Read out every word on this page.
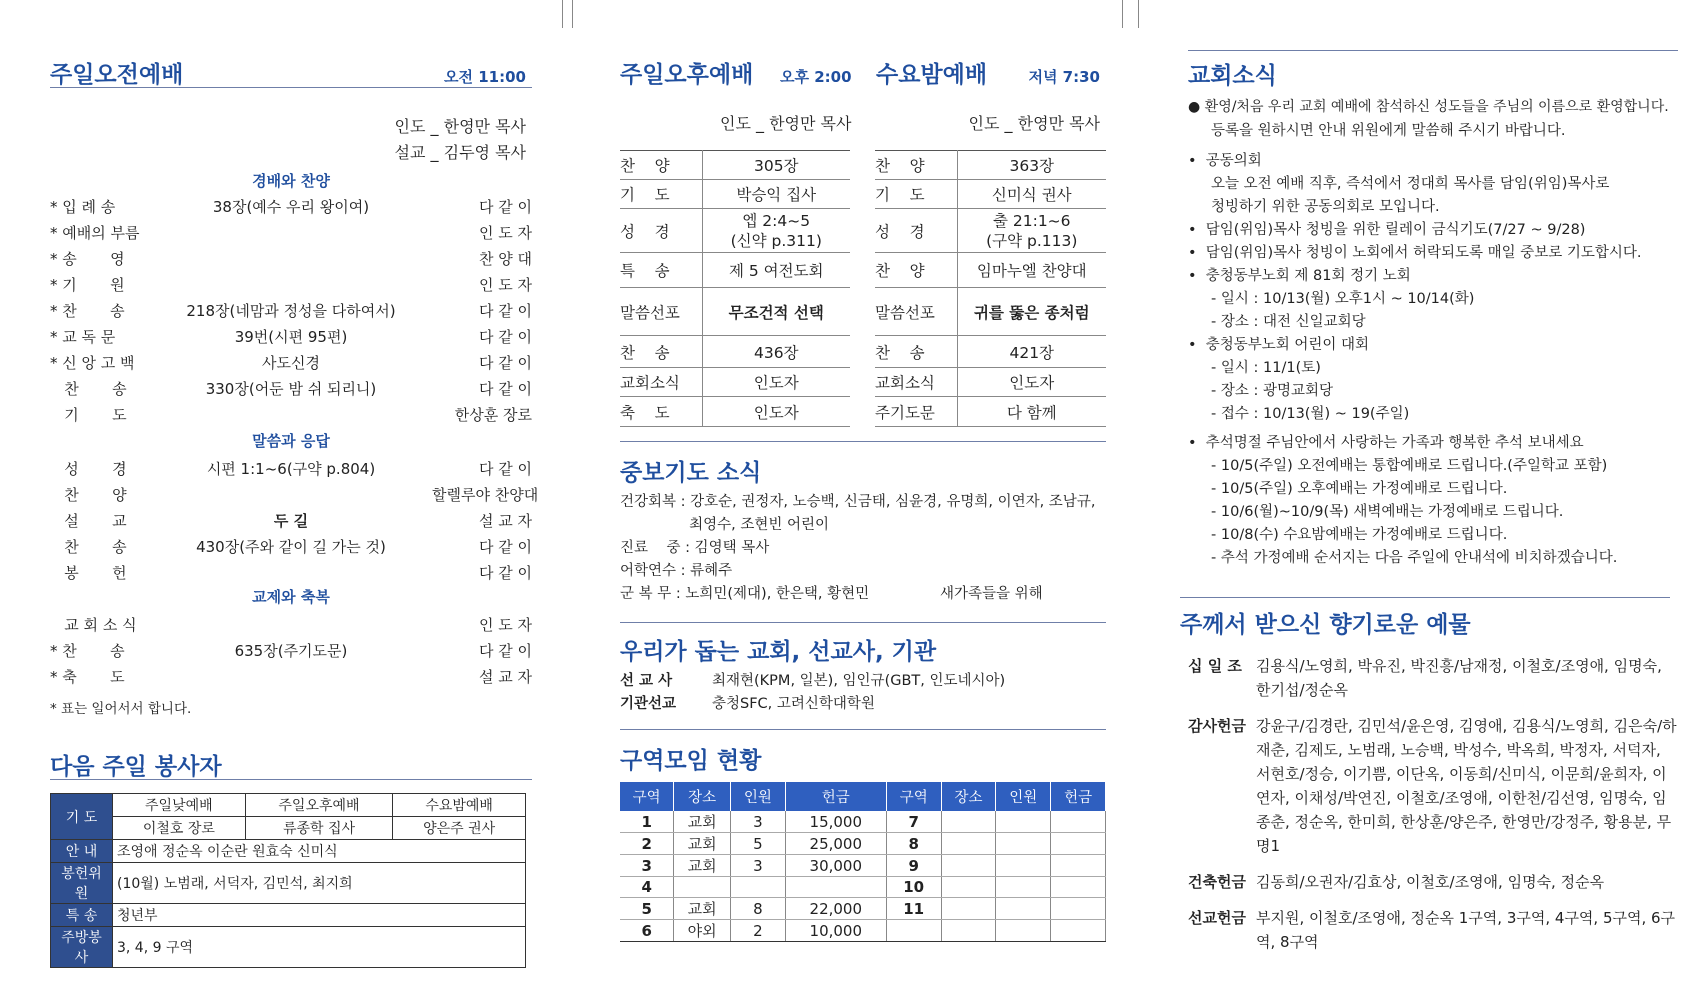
주일오전예배	오전 11:00
인도 _ 한영만 목사
설교 _ 김두영 목사
경배와 찬양
* 입 례 송	38장(예수 우리 왕이여)	다 같 이
* 예배의 부름	인 도 자
* 송       영	찬 양 대
* 기       원	인 도 자
* 찬       송	218장(네맘과 정성을 다하여서)	다 같 이
* 교 독 문	39번(시편 95편)	다 같 이
* 신 앙 고 백	사도신경	다 같 이
찬       송	330장(어둔 밤 쉬 되리니)	다 같 이
기       도	한상훈 장로
성       경	시편 1:1~6(구약 p.804)	다 같 이
찬       양	할렐루야 찬양대
설       교	두 길	설 교 자
찬       송	430장(주와 같이 길 가는 것)	다 같 이
봉       헌	다 같 이
교 회 소 식	인 도 자
* 찬       송	635장(주기도문)	다 같 이
* 축       도	설 교 자
말씀과 응답
교제와 축복
* 표는 일어서서 합니다.
다음 주일 봉사자
기 도	주일낮예배	주일오후예배	수요밤예배
	이철호 장로	류종학 집사	양은주 권사
안 내	조영애 정순옥 이순란 원효숙 신미식		
봉헌위원	(10월) 노범래, 서덕자, 김민석, 최지희		
특 송	청년부		
주방봉사	3, 4, 9 구역		
주일오후예배 오후 2:00 수요밤예배	저녁 7:30
인도 _ 한영만 목사	인도 _ 한영만 목사
찬    양	305장
기    도	박승익 집사
성    경	엡 2:4~5
(신약 p.311)
특    송	제 5 여전도회
말씀선포	무조건적 선택
찬    송	436장
교회소식	인도자
축    도	인도자
찬    양	363장
기    도	신미식 권사
성    경	출 21:1~6
(구약 p.113)
찬    양	임마누엘 찬양대
말씀선포	귀를 뚫은 종처럼
찬    송	421장
교회소식	인도자
주기도문	다 함께
중보기도 소식
건강회복 : 강호순, 권정자, 노승백, 신금태, 심윤경, 유명희, 이연자, 조남규,
최영수, 조현빈 어린이
진료    중 : 김영택 목사
어학연수 : 류혜주
군 복 무 : 노희민(제대), 한은택, 황현민	새가족들을 위해
우리가 돕는 교회, 선교사, 기관
선 교 사	최재현(KPM, 일본), 임인규(GBT, 인도네시아)
기관선교 충청SFC, 고려신학대학원
구역모임 현황
구역	장소	인원	헌금	구역	장소	인원	헌금
1	교회	3	15,000	7			
2	교회	5	25,000	8			
3	교회	3	30,000	9			
4				10			
5	교회	8	22,000	11			
6	야외	2	10,000				
교회소식
● 환영/처음 우리 교회 예배에 참석하신 성도들을 주님의 이름으로 환영합니다.
등록을 원하시면 안내 위원에게 말씀해 주시기 바랍니다.
•  공동의회
오늘 오전 예배 직후, 즉석에서 정대희 목사를 담임(위임)목사로
청빙하기 위한 공동의회로 모입니다.
•  담임(위임)목사 청빙을 위한 릴레이 금식기도(7/27 ~ 9/28)
•  담임(위임)목사 청빙이 노회에서 허락되도록 매일 중보로 기도합시다.
•  충청동부노회 제 81회 정기 노회
- 일시 : 10/13(월) 오후1시 ~ 10/14(화)
- 장소 : 대전 신일교회당
•  충청동부노회 어린이 대회
- 일시 : 11/1(토)
- 장소 : 광명교회당
- 접수 : 10/13(월) ~ 19(주일)
•  추석명절 주님안에서 사랑하는 가족과 행복한 추석 보내세요
- 10/5(주일) 오전예배는 통합예배로 드립니다.(주일학교 포함)
- 10/5(주일) 오후예배는 가정예배로 드립니다.
- 10/6(월)~10/9(목) 새벽예배는 가정예배로 드립니다.
- 10/8(수) 수요밤예배는 가정예배로 드립니다.
- 추석 가정예배 순서지는 다음 주일에 안내석에 비치하겠습니다.
주께서 받으신 향기로운 예물
십 일 조	김용식/노영희, 박유진, 박진흥/남재정, 이철호/조영애, 임명숙, 한기섭/정순옥
감사헌금	강윤구/김경란, 김민석/윤은영, 김영애, 김용식/노영희, 김은숙/하재춘, 김제도, 노범래, 노승백, 박성수, 박옥희, 박정자, 서덕자, 서현호/정승, 이기쁨, 이단옥, 이동희/신미식, 이문희/윤희자, 이연자, 이채성/박연진, 이철호/조영애, 이한천/김선영, 임명숙, 임종춘, 정순옥, 한미희, 한상훈/양은주, 한영만/강정주, 황용분, 무명1
건축헌금	김동희/오권자/김효상, 이철호/조영애, 임명숙, 정순옥
선교헌금	부지원, 이철호/조영애, 정순옥 1구역, 3구역, 4구역, 5구역, 6구역, 8구역
